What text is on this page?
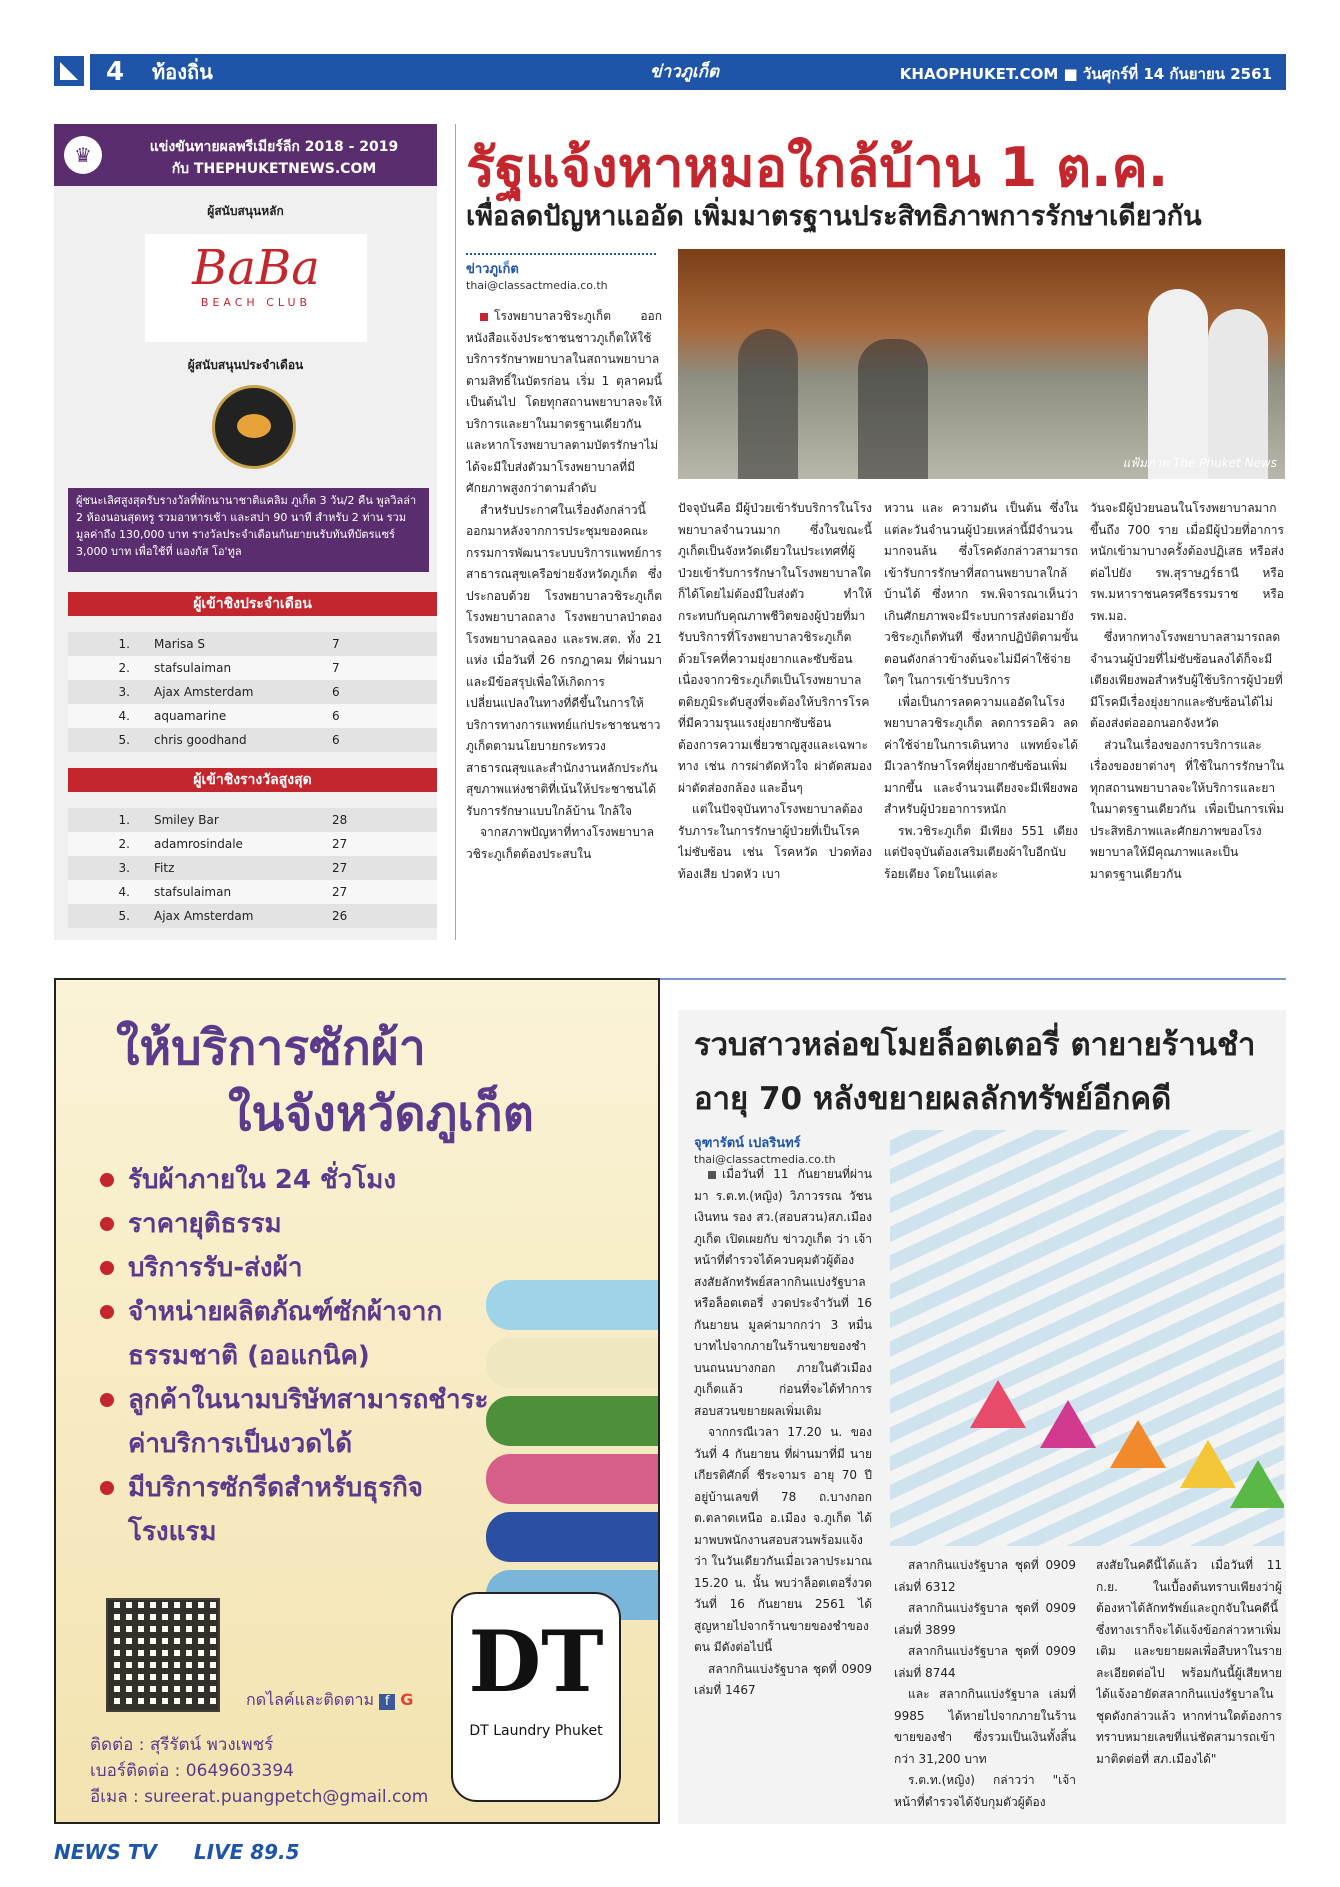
4	ท้องถิ่น	ข่าวภูเก็ต	KHAOPHUKET.COM ■ วันศุกร์ที่ 14 กันยายน 2561
♛	แข่งขันทายผลพรีเมียร์ลีก 2018 - 2019
กับ THEPHUKETNEWS.COM
ผู้สนับสนุนหลัก
BaBa
BEACH CLUB
ผู้สนับสนุนประจำเดือน
ผู้ชนะเลิศสูงสุดรับรางวัลที่พักนานาชาติแคลิม ภูเก็ต 3 วัน/2 คืน พูลวิลล่า 2 ห้องนอนสุดหรู รวมอาหารเช้า และสปา 90 นาที สำหรับ 2 ท่าน รวมมูลค่าถึง 130,000 บาท รางวัลประจำเดือนกันยายนรับทันทีบัตรแซร์ 3,000 บาท เพื่อใช้ที่ แองกัส โอ'ทูล
ผู้เข้าชิงประจำเดือน
1.	Marisa S	7
2.	stafsulaiman	7
3.	Ajax Amsterdam	6
4.	aquamarine	6
5.	chris goodhand	6
ผู้เข้าชิงรางวัลสูงสุด
1.	Smiley Bar	28
2.	adamrosindale	27
3.	Fitz	27
4.	stafsulaiman	27
5.	Ajax Amsterdam	26
รัฐแจ้งหาหมอใกล้บ้าน 1 ต.ค.
เพื่อลดปัญหาแออัด เพิ่มมาตรฐานประสิทธิภาพการรักษาเดียวกัน
ข่าวภูเก็ต
thai@classactmedia.co.th

โรงพยาบาลวชิระภูเก็ต ออกหนังสือแจ้งประชาชนชาวภูเก็ตให้ใช้บริการรักษาพยาบาลในสถานพยาบาลตามสิทธิ์ในบัตรก่อน เริ่ม 1 ตุลาคมนี้ เป็นต้นไป โดยทุกสถานพยาบาลจะให้บริการและยาในมาตรฐานเดียวกัน และหากโรงพยาบาลตามบัตรรักษาไม่ได้จะมีใบส่งตัวมาโรงพยาบาลที่มีศักยภาพสูงกว่าตามลำดับ

สำหรับประกาศในเรื่องดังกล่าวนี้ ออกมาหลังจากการประชุมของคณะกรรมการพัฒนาระบบบริการแพทย์การสาธารณสุขเครือข่ายจังหวัดภูเก็ต ซึ่งประกอบด้วย โรงพยาบาลวชิระภูเก็ต โรงพยาบาลถลาง โรงพยาบาลป่าตอง โรงพยาบาลฉลอง และรพ.สต. ทั้ง 21 แห่ง เมื่อวันที่ 26 กรกฎาคม ที่ผ่านมา และมีข้อสรุปเพื่อให้เกิดการเปลี่ยนแปลงในทางที่ดีขึ้นในการให้บริการทางการแพทย์แก่ประชาชนชาวภูเก็ตตามนโยบายกระทรวงสาธารณสุขและสำนักงานหลักประกันสุขภาพแห่งชาติที่เน้นให้ประชาชนได้รับการรักษาแบบใกล้บ้าน ใกล้ใจ

จากสภาพปัญหาที่ทางโรงพยาบาลวชิระภูเก็ตต้องประสบใน

แฟ้มภาพ The Phuket News

ปัจจุบันคือ มีผู้ป่วยเข้ารับบริการในโรงพยาบาลจำนวนมาก ซึ่งในขณะนี้ภูเก็ตเป็นจังหวัดเดียวในประเทศที่ผู้ป่วยเข้ารับการรักษาในโรงพยาบาลใดก็ได้โดยไม่ต้องมีใบส่งตัว ทำให้กระทบกับคุณภาพชีวิตของผู้ป่วยที่มารับบริการที่โรงพยาบาลวชิระภูเก็ต ด้วยโรคที่ความยุ่งยากและซับซ้อน เนื่องจากวชิระภูเก็ตเป็นโรงพยาบาลตติยภูมิระดับสูงที่จะต้องให้บริการโรคที่มีความรุนแรงยุ่งยากซับซ้อนต้องการความเชี่ยวชาญสูงและเฉพาะทาง เช่น การผ่าตัดหัวใจ ผ่าตัดสมอง ผ่าตัดส่องกล้อง และอื่นๆ

แต่ในปัจจุบันทางโรงพยาบาลต้องรับภาระในการรักษาผู้ป่วยที่เป็นโรคไม่ซับซ้อน เช่น โรคหวัด ปวดท้อง ท้องเสีย ปวดหัว เบา

หวาน และ ความดัน เป็นต้น ซึ่งในแต่ละวันจำนวนผู้ป่วยเหล่านี้มีจำนวนมากจนล้น ซึ่งโรคดังกล่าวสามารถเข้ารับการรักษาที่สถานพยาบาลใกล้บ้านได้ ซึ่งหาก รพ.พิจารณาเห็นว่าเกินศักยภาพจะมีระบบการส่งต่อมายังวชิระภูเก็ตทันที ซึ่งหากปฏิบัติตามขั้นตอนดังกล่าวข้างต้นจะไม่มีค่าใช้จ่ายใดๆ ในการเข้ารับบริการ

เพื่อเป็นการลดความแออัดในโรงพยาบาลวชิระภูเก็ต ลดการรอคิว ลดค่าใช้จ่ายในการเดินทาง แพทย์จะได้มีเวลารักษาโรคที่ยุ่งยากซับซ้อนเพิ่มมากขึ้น และจำนวนเตียงจะมีเพียงพอสำหรับผู้ป่วยอาการหนัก

รพ.วชิระภูเก็ต มีเพียง 551 เตียง แต่ปัจจุบันต้องเสริมเตียงผ้าใบอีกนับร้อยเตียง โดยในแต่ละ

วันจะมีผู้ป่วยนอนในโรงพยาบาลมากขึ้นถึง 700 ราย เมื่อมีผู้ป่วยที่อาการหนักเข้ามาบางครั้งต้องปฏิเสธ หรือส่งต่อไปยัง รพ.สุราษฎร์ธานี หรือ รพ.มหาราชนครศรีธรรมราช หรือ รพ.มอ.

ซึ่งหากทางโรงพยาบาลสามารถลดจำนวนผู้ป่วยที่ไม่ซับซ้อนลงได้ก็จะมีเตียงเพียงพอสำหรับผู้ใช้บริการผู้ป่วยที่มีโรคมีเรื่องยุ่งยากและซับซ้อนได้ไม่ต้องส่งต่อออกนอกจังหวัด

ส่วนในเรื่องของการบริการและเรื่องของยาต่างๆ ที่ใช้ในการรักษาในทุกสถานพยาบาลจะให้บริการและยาในมาตรฐานเดียวกัน เพื่อเป็นการเพิ่มประสิทธิภาพและศักยภาพของโรงพยาบาลให้มีคุณภาพและเป็นมาตรฐานเดียวกัน

ให้บริการซักผ้า
ในจังหวัดภูเก็ต
รับผ้าภายใน 24 ชั่วโมง
ราคายุติธรรม
บริการรับ-ส่งผ้า
จำหน่ายผลิตภัณฑ์ซักผ้าจากธรรมชาติ (ออแกนิค)
ลูกค้าในนามบริษัทสามารถชำระค่าบริการเป็นงวดได้
มีบริการซักรีดสำหรับธุรกิจโรงแรม
กดไลค์และติดตาม f G
ติดต่อ : สุรีรัตน์ พวงเพชร์
เบอร์ติดต่อ : 0649603394
อีเมล : sureerat.puangpetch@gmail.com
DT
DT Laundry Phuket
รวบสาวหล่อขโมยล็อตเตอรี่ ตายายร้านชำ
อายุ 70 หลังขยายผลลักทรัพย์อีกคดี
จุฑารัตน์ เปลรินทร์
thai@classactmedia.co.th

เมื่อวันที่ 11 กันยายนที่ผ่านมา ร.ต.ท.(หญิง) วิภาวรรณ วัชนเงินทน รอง สว.(สอบสวน)สภ.เมืองภูเก็ต เปิดเผยกับ ข่าวภูเก็ต ว่า เจ้าหน้าที่ตำรวจได้ควบคุมตัวผู้ต้องสงสัยลักทรัพย์สลากกินแบ่งรัฐบาลหรือล็อตเตอรี่ งวดประจำวันที่ 16 กันยายน มูลค่ามากกว่า 3 หมื่นบาทไปจากภายในร้านขายของชำ บนถนนบางกอก ภายในตัวเมืองภูเก็ตแล้ว ก่อนที่จะได้ทำการสอบสวนขยายผลเพิ่มเติม

จากกรณีเวลา 17.20 น. ของวันที่ 4 กันยายน ที่ผ่านมาที่มี นายเกียรติศักดิ์ ชีระจามร อายุ 70 ปี อยู่บ้านเลขที่ 78 ถ.บางกอก ต.ตลาดเหนือ อ.เมือง จ.ภูเก็ต ได้มาพบพนักงานสอบสวนพร้อมแจ้งว่า ในวันเดียวกันเมื่อเวลาประมาณ 15.20 น. นั้น พบว่าล็อตเตอรี่งวดวันที่ 16 กันยายน 2561 ได้สูญหายไปจากร้านขายของชำของตน มีดังต่อไปนี้

สลากกินแบ่งรัฐบาล ชุดที่ 0909 เล่มที่ 1467

สลากกินแบ่งรัฐบาล ชุดที่ 0909 เล่มที่ 6312

สลากกินแบ่งรัฐบาล ชุดที่ 0909 เล่มที่ 3899

สลากกินแบ่งรัฐบาล ชุดที่ 0909 เล่มที่ 8744

และ สลากกินแบ่งรัฐบาล เล่มที่ 9985 ได้หายไปจากภายในร้านขายของชำ ซึ่งรวมเป็นเงินทั้งสิ้นกว่า 31,200 บาท

ร.ต.ท.(หญิง) กล่าวว่า "เจ้าหน้าที่ตำรวจได้จับกุมตัวผู้ต้อง

สงสัยในคดีนี้ได้แล้ว เมื่อวันที่ 11 ก.ย. ในเบื้องต้นทราบเพียงว่าผู้ต้องหาได้ลักทรัพย์และถูกจับในคดีนี้ ซึ่งทางเราก็จะได้แจ้งข้อกล่าวหาเพิ่มเติม และขยายผลเพื่อสืบหาในรายละเอียดต่อไป พร้อมกันนี้ผู้เสียหายได้แจ้งอายัดสลากกินแบ่งรัฐบาลในชุดดังกล่าวแล้ว หากท่านใดต้องการทราบหมายเลขที่แน่ชัดสามารถเข้ามาติดต่อที่ สภ.เมืองได้"

NEWS TV LIVE 89.5
